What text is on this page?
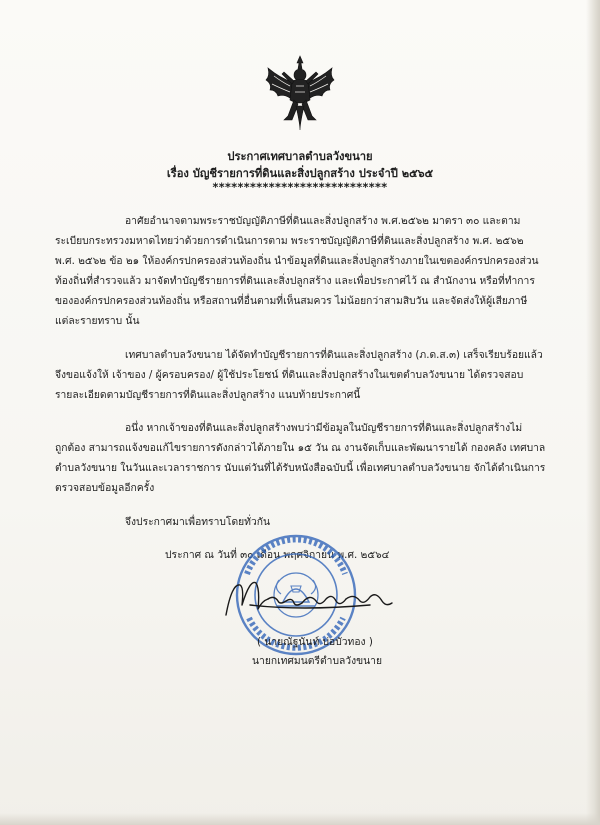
ประกาศเทศบาลตำบลวังขนาย
เรื่อง บัญชีรายการที่ดินและสิ่งปลูกสร้าง ประจำปี ๒๕๖๕
****************************
อาศัยอำนาจตามพระราชบัญญัติภาษีที่ดินและสิ่งปลูกสร้าง พ.ศ.๒๕๖๒ มาตรา ๓๐ และตาม
ระเบียบกระทรวงมหาดไทยว่าด้วยการดำเนินการตาม พระราชบัญญัติภาษีที่ดินและสิ่งปลูกสร้าง พ.ศ. ๒๕๖๒
พ.ศ. ๒๕๖๒ ข้อ ๒๑ ให้องค์กรปกครองส่วนท้องถิ่น นำข้อมูลที่ดินและสิ่งปลูกสร้างภายในเขตองค์กรปกครองส่วน
ท้องถิ่นที่สำรวจแล้ว มาจัดทำบัญชีรายการที่ดินและสิ่งปลูกสร้าง และเพื่อประกาศไว้ ณ สำนักงาน หรือที่ทำการ
ขององค์กรปกครองส่วนท้องถิ่น หรือสถานที่อื่นตามที่เห็นสมควร ไม่น้อยกว่าสามสิบวัน และจัดส่งให้ผู้เสียภาษี
แต่ละรายทราบ นั้น
เทศบาลตำบลวังขนาย ได้จัดทำบัญชีรายการที่ดินและสิ่งปลูกสร้าง (ภ.ด.ส.๓) เสร็จเรียบร้อยแล้ว
จึงขอแจ้งให้ เจ้าของ / ผู้ครอบครอง/ ผู้ใช้ประโยชน์ ที่ดินและสิ่งปลูกสร้างในเขตตำบลวังขนาย ได้ตรวจสอบ
รายละเอียดตามบัญชีรายการที่ดินและสิ่งปลูกสร้าง แนบท้ายประกาศนี้
อนึ่ง หากเจ้าของที่ดินและสิ่งปลูกสร้างพบว่ามีข้อมูลในบัญชีรายการที่ดินและสิ่งปลูกสร้างไม่
ถูกต้อง สามารถแจ้งขอแก้ไขรายการดังกล่าวได้ภายใน ๑๕ วัน ณ งานจัดเก็บและพัฒนารายได้ กองคลัง เทศบาล
ตำบลวังขนาย ในวันและเวลาราชการ นับแต่วันที่ได้รับหนังสือฉบับนี้ เพื่อเทศบาลตำบลวังขนาย จักได้ดำเนินการ
ตรวจสอบข้อมูลอีกครั้ง
จึงประกาศมาเพื่อทราบโดยทั่วกัน
ประกาศ ณ วันที่ ๓๐ เดือน พฤศจิกายน พ.ศ. ๒๕๖๔
( นายณัฐนันท์ บ่อบัวทอง )
นายกเทศมนตรีตำบลวังขนาย
